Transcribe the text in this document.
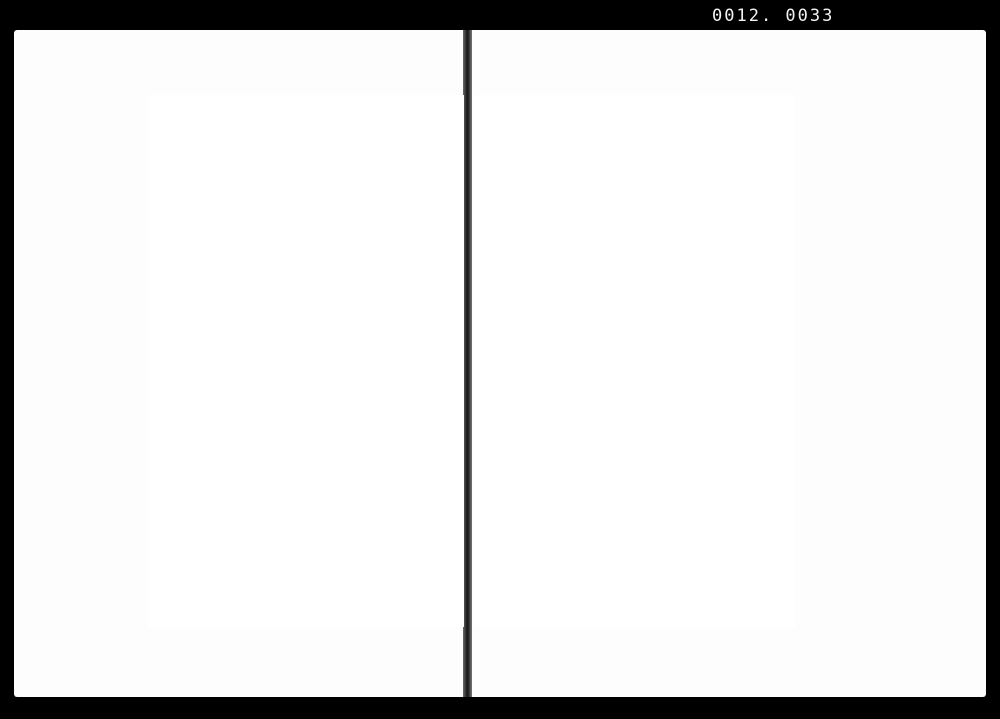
0012. 0033
